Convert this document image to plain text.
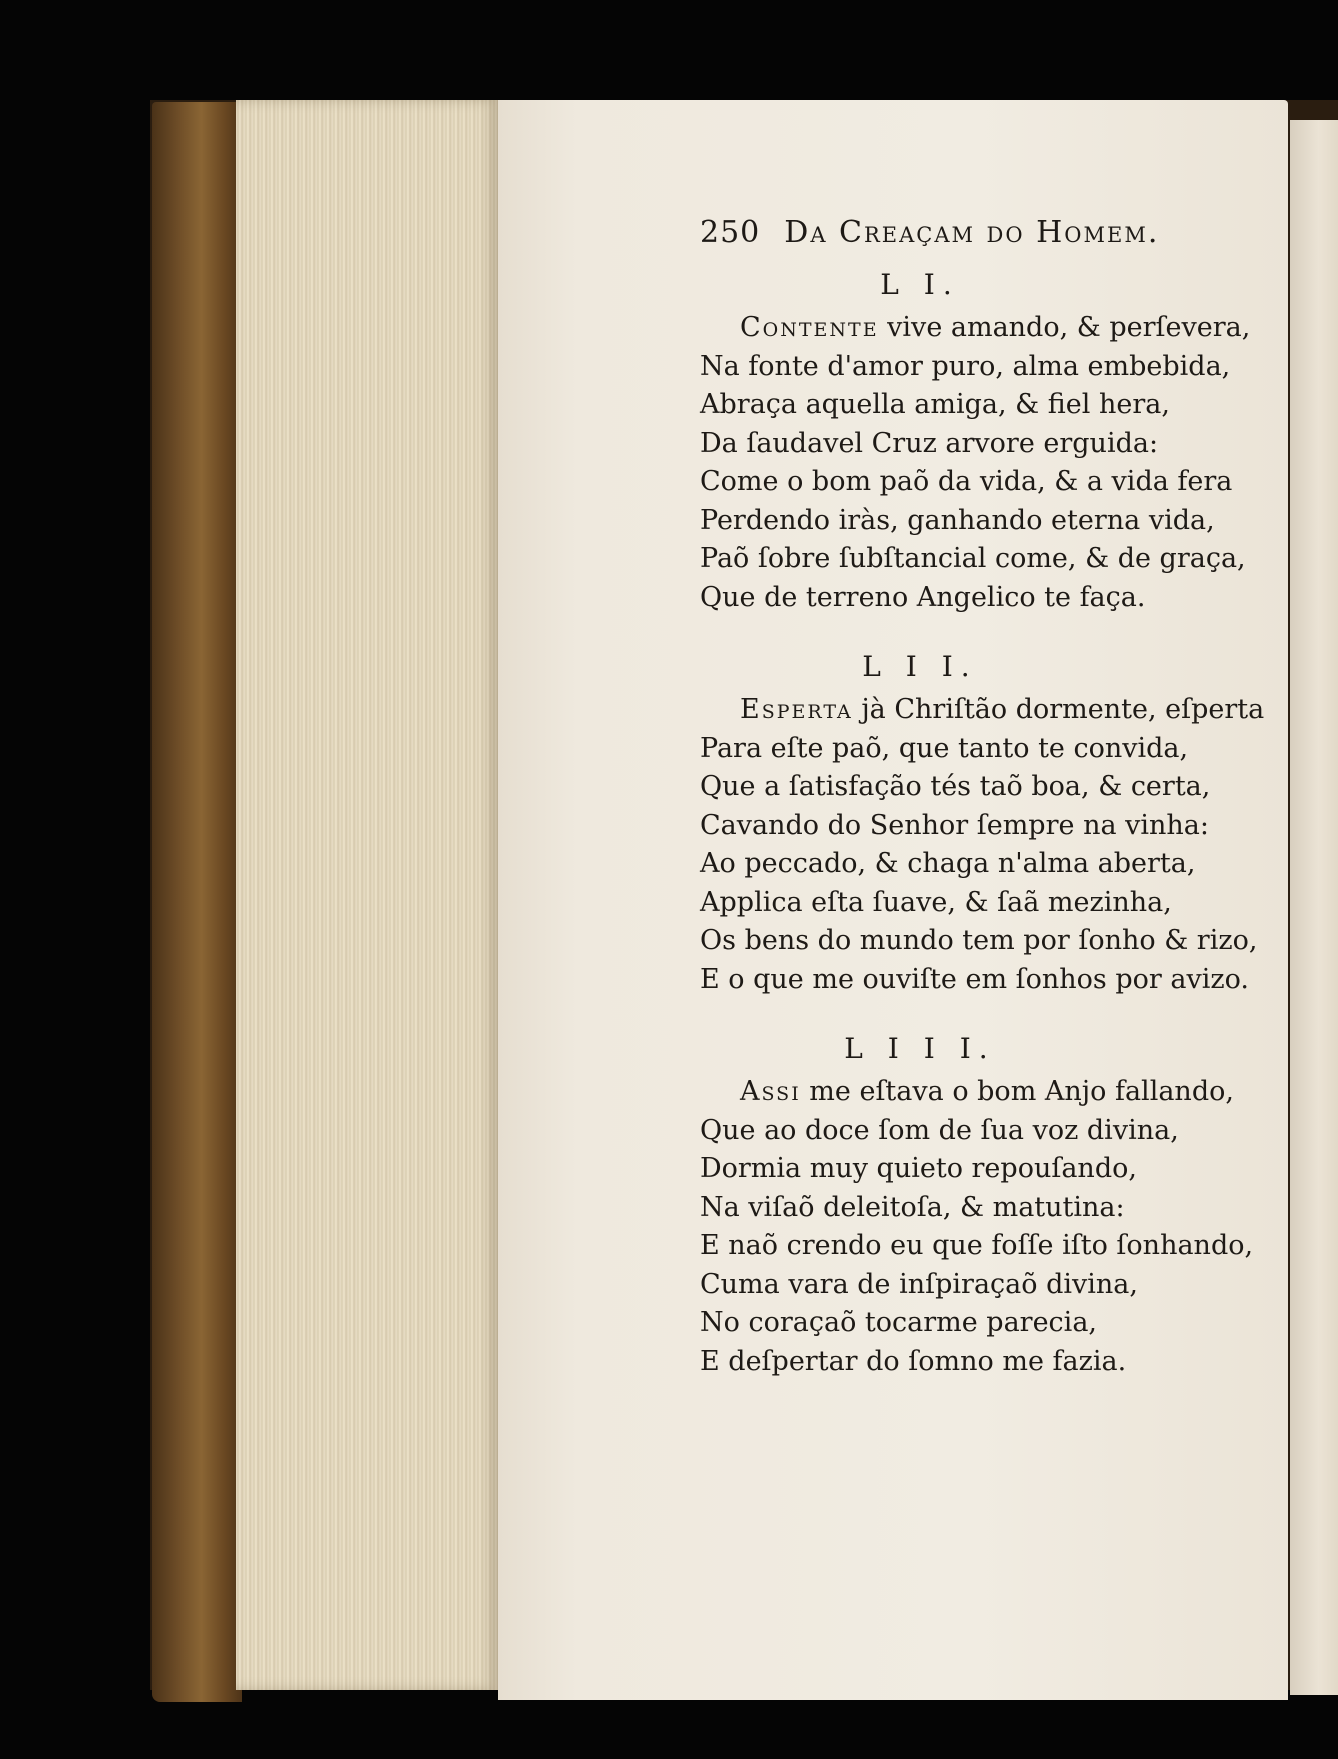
250 Da Creaçam do Homem.
L I.
Contente vive amando, & perſevera,
Na fonte d'amor puro, alma embebida,
Abraça aquella amiga, & fiel hera,
Da ſaudavel Cruz arvore erguida:
Come o bom paõ da vida, & a vida fera
Perdendo iràs, ganhando eterna vida,
Paõ ſobre ſubſtancial come, & de graça,
Que de terreno Angelico te faça.
L I I.
Esperta jà Chriſtão dormente, eſperta
Para eſte paõ, que tanto te convida,
Que a ſatisfação tés taõ boa, & certa,
Cavando do Senhor ſempre na vinha:
Ao peccado, & chaga n'alma aberta,
Applica eſta ſuave, & ſaã mezinha,
Os bens do mundo tem por ſonho & rizo,
E o que me ouviſte em ſonhos por avizo.
L I I I.
Assi me eſtava o bom Anjo fallando,
Que ao doce ſom de ſua voz divina,
Dormia muy quieto repouſando,
Na viſaõ deleitoſa, & matutina:
E naõ crendo eu que foſſe iſto ſonhando,
Cuma vara de inſpiraçaõ divina,
No coraçaõ tocarme parecia,
E deſpertar do ſomno me fazia.
